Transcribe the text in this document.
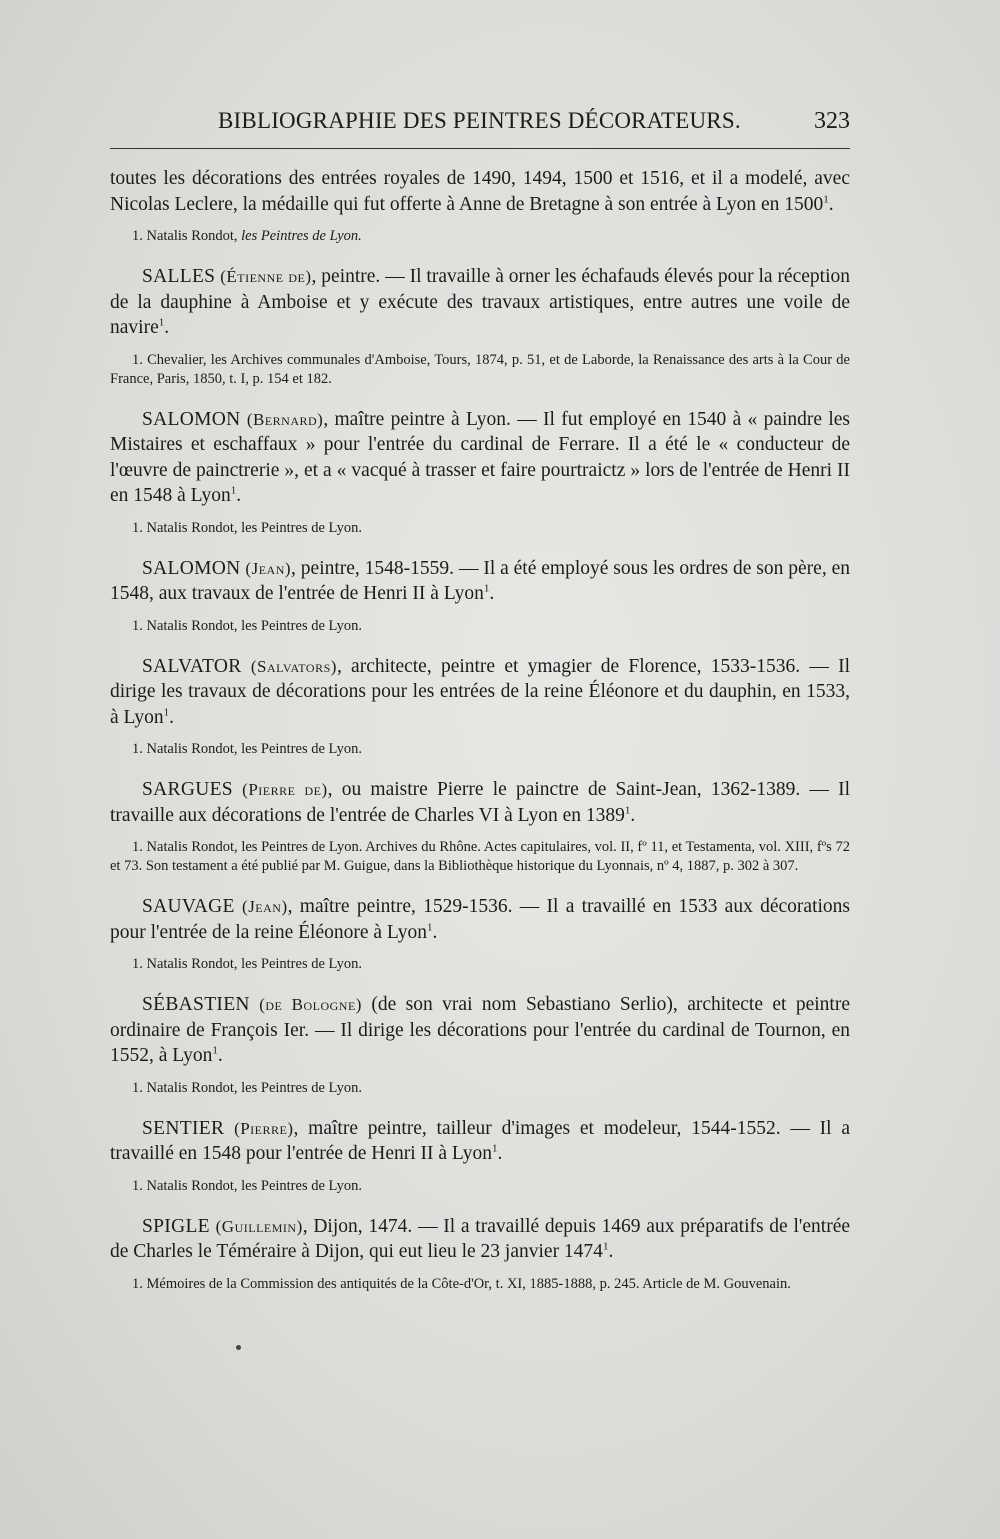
BIBLIOGRAPHIE DES PEINTRES DÉCORATEURS.	323

toutes les décorations des entrées royales de 1490, 1494, 1500 et 1516, et il a modelé, avec Nicolas Leclere, la médaille qui fut offerte à Anne de Bretagne à son entrée à Lyon en 1500$^1$.

1. Natalis Rondot, les Peintres de Lyon.

SALLES (Étienne de), peintre. — Il travaille à orner les échafauds élevés pour la réception de la dauphine à Amboise et y exécute des travaux artistiques, entre autres une voile de navire$^1$.

1. Chevalier, les Archives communales d'Amboise, Tours, 1874, p. 51, et de Laborde, la Renaissance des arts à la Cour de France, Paris, 1850, t. I, p. 154 et 182.

SALOMON (Bernard), maître peintre à Lyon. — Il fut employé en 1540 à « paindre les Mistaires et eschaffaux » pour l'entrée du cardinal de Ferrare. Il a été le « conducteur de l'œuvre de painctrerie », et a « vacqué à trasser et faire pourtraictz » lors de l'entrée de Henri II en 1548 à Lyon$^1$.

1. Natalis Rondot, les Peintres de Lyon.

SALOMON (Jean), peintre, 1548-1559. — Il a été employé sous les ordres de son père, en 1548, aux travaux de l'entrée de Henri II à Lyon$^1$.

1. Natalis Rondot, les Peintres de Lyon.

SALVATOR (Salvators), architecte, peintre et ymagier de Florence, 1533-1536. — Il dirige les travaux de décorations pour les entrées de la reine Éléonore et du dauphin, en 1533, à Lyon$^1$.

1. Natalis Rondot, les Peintres de Lyon.

SARGUES (Pierre de), ou maistre Pierre le painctre de Saint-Jean, 1362-1389. — Il travaille aux décorations de l'entrée de Charles VI à Lyon en 1389$^1$.

1. Natalis Rondot, les Peintres de Lyon. Archives du Rhône. Actes capitulaires, vol. II, fº 11, et Testamenta, vol. XIII, fºs 72 et 73. Son testament a été publié par M. Guigue, dans la Bibliothèque historique du Lyonnais, nº 4, 1887, p. 302 à 307.

SAUVAGE (Jean), maître peintre, 1529-1536. — Il a travaillé en 1533 aux décorations pour l'entrée de la reine Éléonore à Lyon$^1$.

1. Natalis Rondot, les Peintres de Lyon.

SÉBASTIEN (de Bologne) (de son vrai nom Sebastiano Serlio), architecte et peintre ordinaire de François Ier. — Il dirige les décorations pour l'entrée du cardinal de Tournon, en 1552, à Lyon$^1$.

1. Natalis Rondot, les Peintres de Lyon.

SENTIER (Pierre), maître peintre, tailleur d'images et modeleur, 1544-1552. — Il a travaillé en 1548 pour l'entrée de Henri II à Lyon$^1$.

1. Natalis Rondot, les Peintres de Lyon.

SPIGLE (Guillemin), Dijon, 1474. — Il a travaillé depuis 1469 aux préparatifs de l'entrée de Charles le Téméraire à Dijon, qui eut lieu le 23 janvier 1474$^1$.

1. Mémoires de la Commission des antiquités de la Côte-d'Or, t. XI, 1885-1888, p. 245. Article de M. Gouvenain.
